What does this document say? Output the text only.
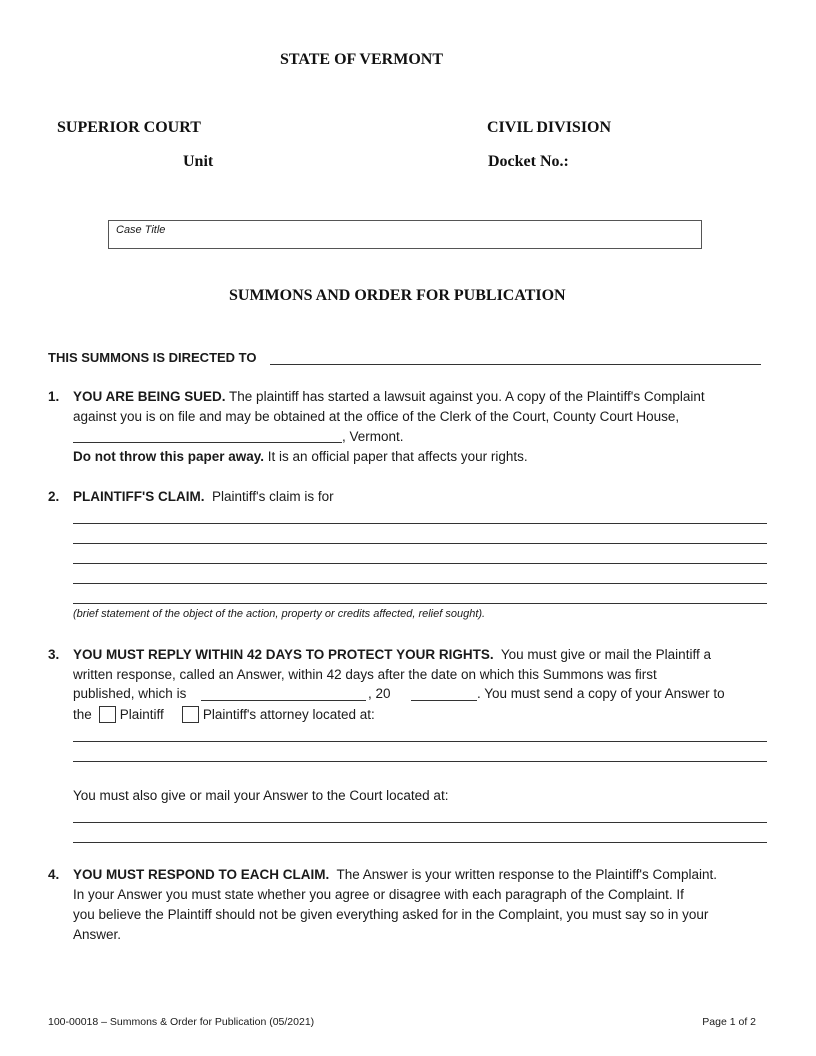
STATE OF VERMONT
SUPERIOR COURT	CIVIL DIVISION
Unit	Docket No.:
Case Title
SUMMONS AND ORDER FOR PUBLICATION
THIS SUMMONS IS DIRECTED TO
1. YOU ARE BEING SUED. The plaintiff has started a lawsuit against you. A copy of the Plaintiff's Complaint
against you is on file and may be obtained at the office of the Clerk of the Court, County Court House,
, Vermont.
Do not throw this paper away. It is an official paper that affects your rights.
2. PLAINTIFF'S CLAIM. Plaintiff's claim is for
(brief statement of the object of the action, property or credits affected, relief sought).
3. YOU MUST REPLY WITHIN 42 DAYS TO PROTECT YOUR RIGHTS. You must give or mail the Plaintiff a
written response, called an Answer, within 42 days after the date on which this Summons was first
published, which is	, 20	. You must send a copy of your Answer to
the Plaintiff	Plaintiff's attorney located at:
You must also give or mail your Answer to the Court located at:
4. YOU MUST RESPOND TO EACH CLAIM. The Answer is your written response to the Plaintiff's Complaint.
In your Answer you must state whether you agree or disagree with each paragraph of the Complaint. If
you believe the Plaintiff should not be given everything asked for in the Complaint, you must say so in your
Answer.
100-00018 – Summons & Order for Publication (05/2021)	Page 1 of 2
